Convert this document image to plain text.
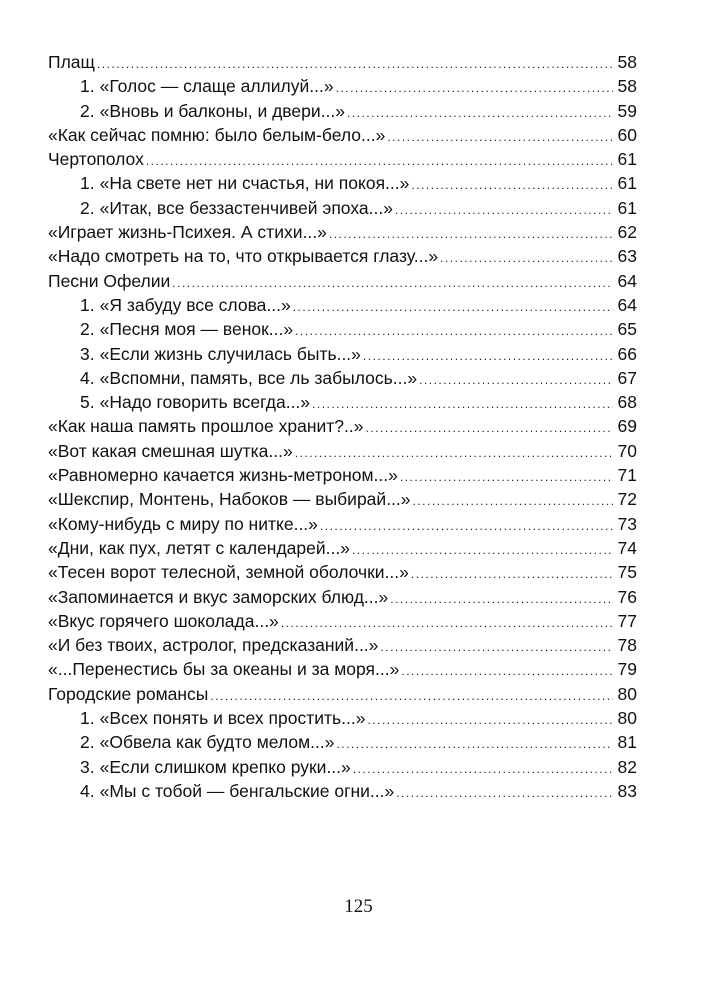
Плащ .....	58
1. «Голос — слаще аллилуй...» .....	58
2. «Вновь и балконы, и двери...» .....	59
«Как сейчас помню: было белым-бело...» .....	60
Чертополох .....	61
1. «На свете нет ни счастья, ни покоя...» .....	61
2. «Итак, все беззастенчивей эпоха...» .....	61
«Играет жизнь-Психея. А стихи...» .....	62
«Надо смотреть на то, что открывается глазу...» .....	63
Песни Офелии .....	64
1. «Я забуду все слова...» .....	64
2. «Песня моя — венок...» .....	65
3. «Если жизнь случилась быть...» .....	66
4. «Вспомни, память, все ль забылось...» .....	67
5. «Надо говорить всегда...» .....	68
«Как наша память прошлое хранит?..» .....	69
«Вот какая смешная шутка...» .....	70
«Равномерно качается жизнь-метроном...» .....	71
«Шекспир, Монтень, Набоков — выбирай...» .....	72
«Кому-нибудь с миру по нитке...» .....	73
«Дни, как пух, летят с календарей...» .....	74
«Тесен ворот телесной, земной оболочки...» .....	75
«Запоминается и вкус заморских блюд...» .....	76
«Вкус горячего шоколада...» .....	77
«И без твоих, астролог, предсказаний...» .....	78
«...Перенестись бы за океаны и за моря...» .....	79
Городские романсы .....	80
1. «Всех понять и всех простить...» .....	80
2. «Обвела как будто мелом...» .....	81
3. «Если слишком крепко руки...» .....	82
4. «Мы с тобой — бенгальские огни...» .....	83
125
